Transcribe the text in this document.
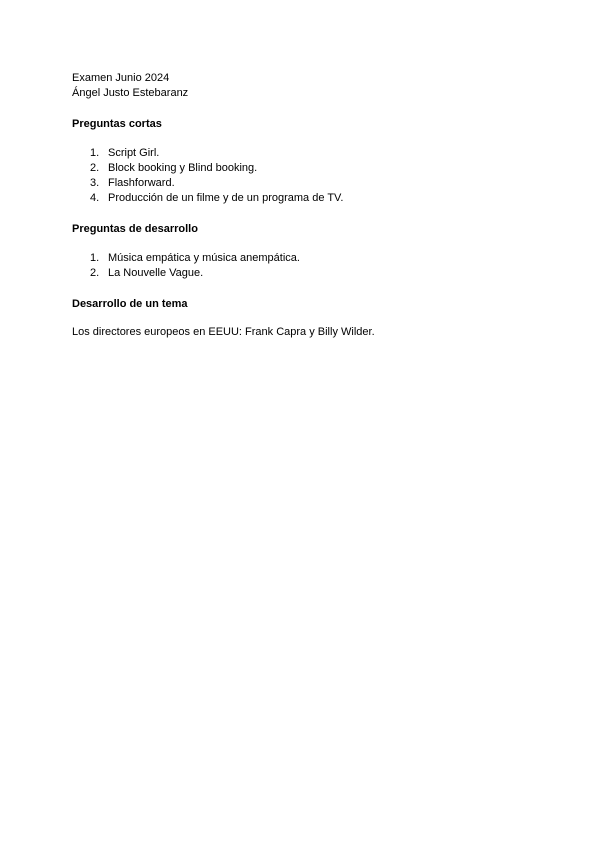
Examen Junio 2024

Ángel Justo Estebaranz

Preguntas cortas

1. Script Girl.
2. Block booking y Blind booking.
3. Flashforward.
4. Producción de un filme y de un programa de TV.

Preguntas de desarrollo

1. Música empática y música anempática.
2. La Nouvelle Vague.

Desarrollo de un tema

Los directores europeos en EEUU: Frank Capra y Billy Wilder.
